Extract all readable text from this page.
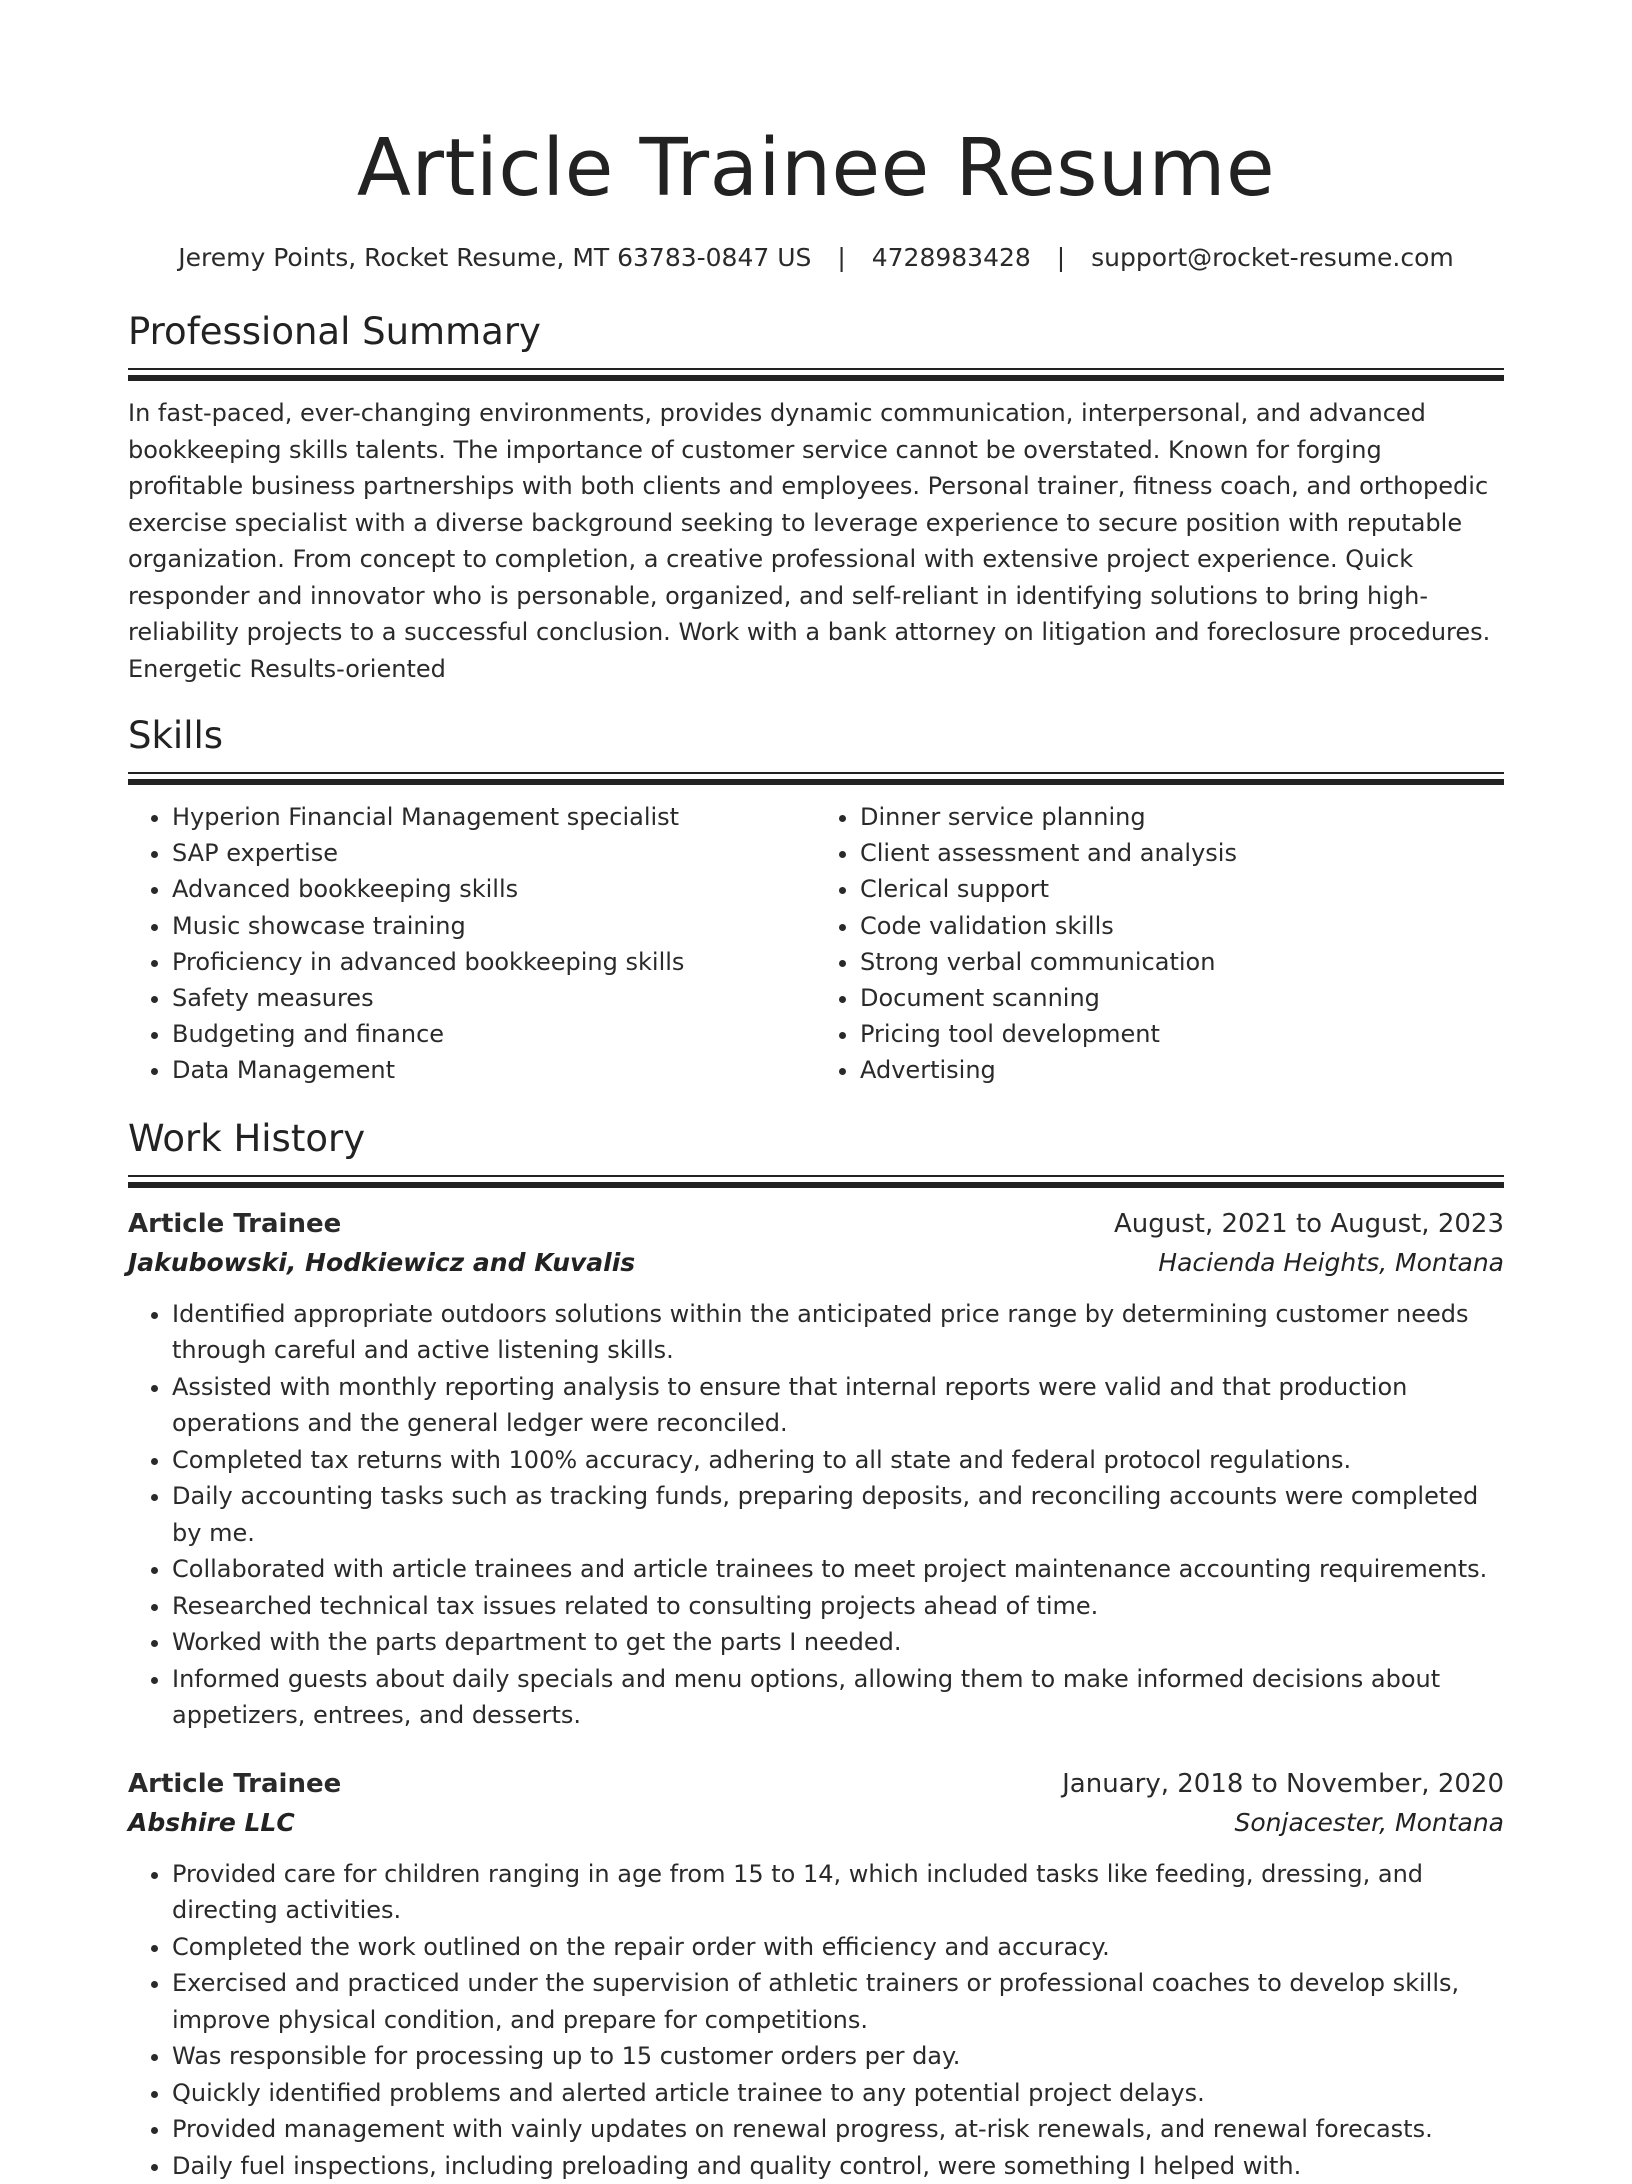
Article Trainee Resume
Jeremy Points, Rocket Resume, MT 63783-0847 US | 4728983428 | support@rocket-resume.com
Professional Summary

In fast-paced, ever-changing environments, provides dynamic communication, interpersonal, and advanced bookkeeping skills talents. The importance of customer service cannot be overstated. Known for forging profitable business partnerships with both clients and employees. Personal trainer, fitness coach, and orthopedic exercise specialist with a diverse background seeking to leverage experience to secure position with reputable organization. From concept to completion, a creative professional with extensive project experience. Quick responder and innovator who is personable, organized, and self-reliant in identifying solutions to bring high-reliability projects to a successful conclusion. Work with a bank attorney on litigation and foreclosure procedures. Energetic Results-oriented

Skills
• Hyperion Financial Management specialist
• SAP expertise
• Advanced bookkeeping skills
• Music showcase training
• Proficiency in advanced bookkeeping skills
• Safety measures
• Budgeting and finance
• Data Management
• Dinner service planning
• Client assessment and analysis
• Clerical support
• Code validation skills
• Strong verbal communication
• Document scanning
• Pricing tool development
• Advertising
Work History
Article Trainee	August, 2021 to August, 2023
Jakubowski, Hodkiewicz and Kuvalis	Hacienda Heights, Montana
• Identified appropriate outdoors solutions within the anticipated price range by determining customer needs through careful and active listening skills.
• Assisted with monthly reporting analysis to ensure that internal reports were valid and that production operations and the general ledger were reconciled.
• Completed tax returns with 100% accuracy, adhering to all state and federal protocol regulations.
• Daily accounting tasks such as tracking funds, preparing deposits, and reconciling accounts were completed by me.
• Collaborated with article trainees and article trainees to meet project maintenance accounting requirements.
• Researched technical tax issues related to consulting projects ahead of time.
• Worked with the parts department to get the parts I needed.
• Informed guests about daily specials and menu options, allowing them to make informed decisions about appetizers, entrees, and desserts.
Article Trainee	January, 2018 to November, 2020
Abshire LLC	Sonjacester, Montana
• Provided care for children ranging in age from 15 to 14, which included tasks like feeding, dressing, and directing activities.
• Completed the work outlined on the repair order with efficiency and accuracy.
• Exercised and practiced under the supervision of athletic trainers or professional coaches to develop skills, improve physical condition, and prepare for competitions.
• Was responsible for processing up to 15 customer orders per day.
• Quickly identified problems and alerted article trainee to any potential project delays.
• Provided management with vainly updates on renewal progress, at-risk renewals, and renewal forecasts.
• Daily fuel inspections, including preloading and quality control, were something I helped with.
